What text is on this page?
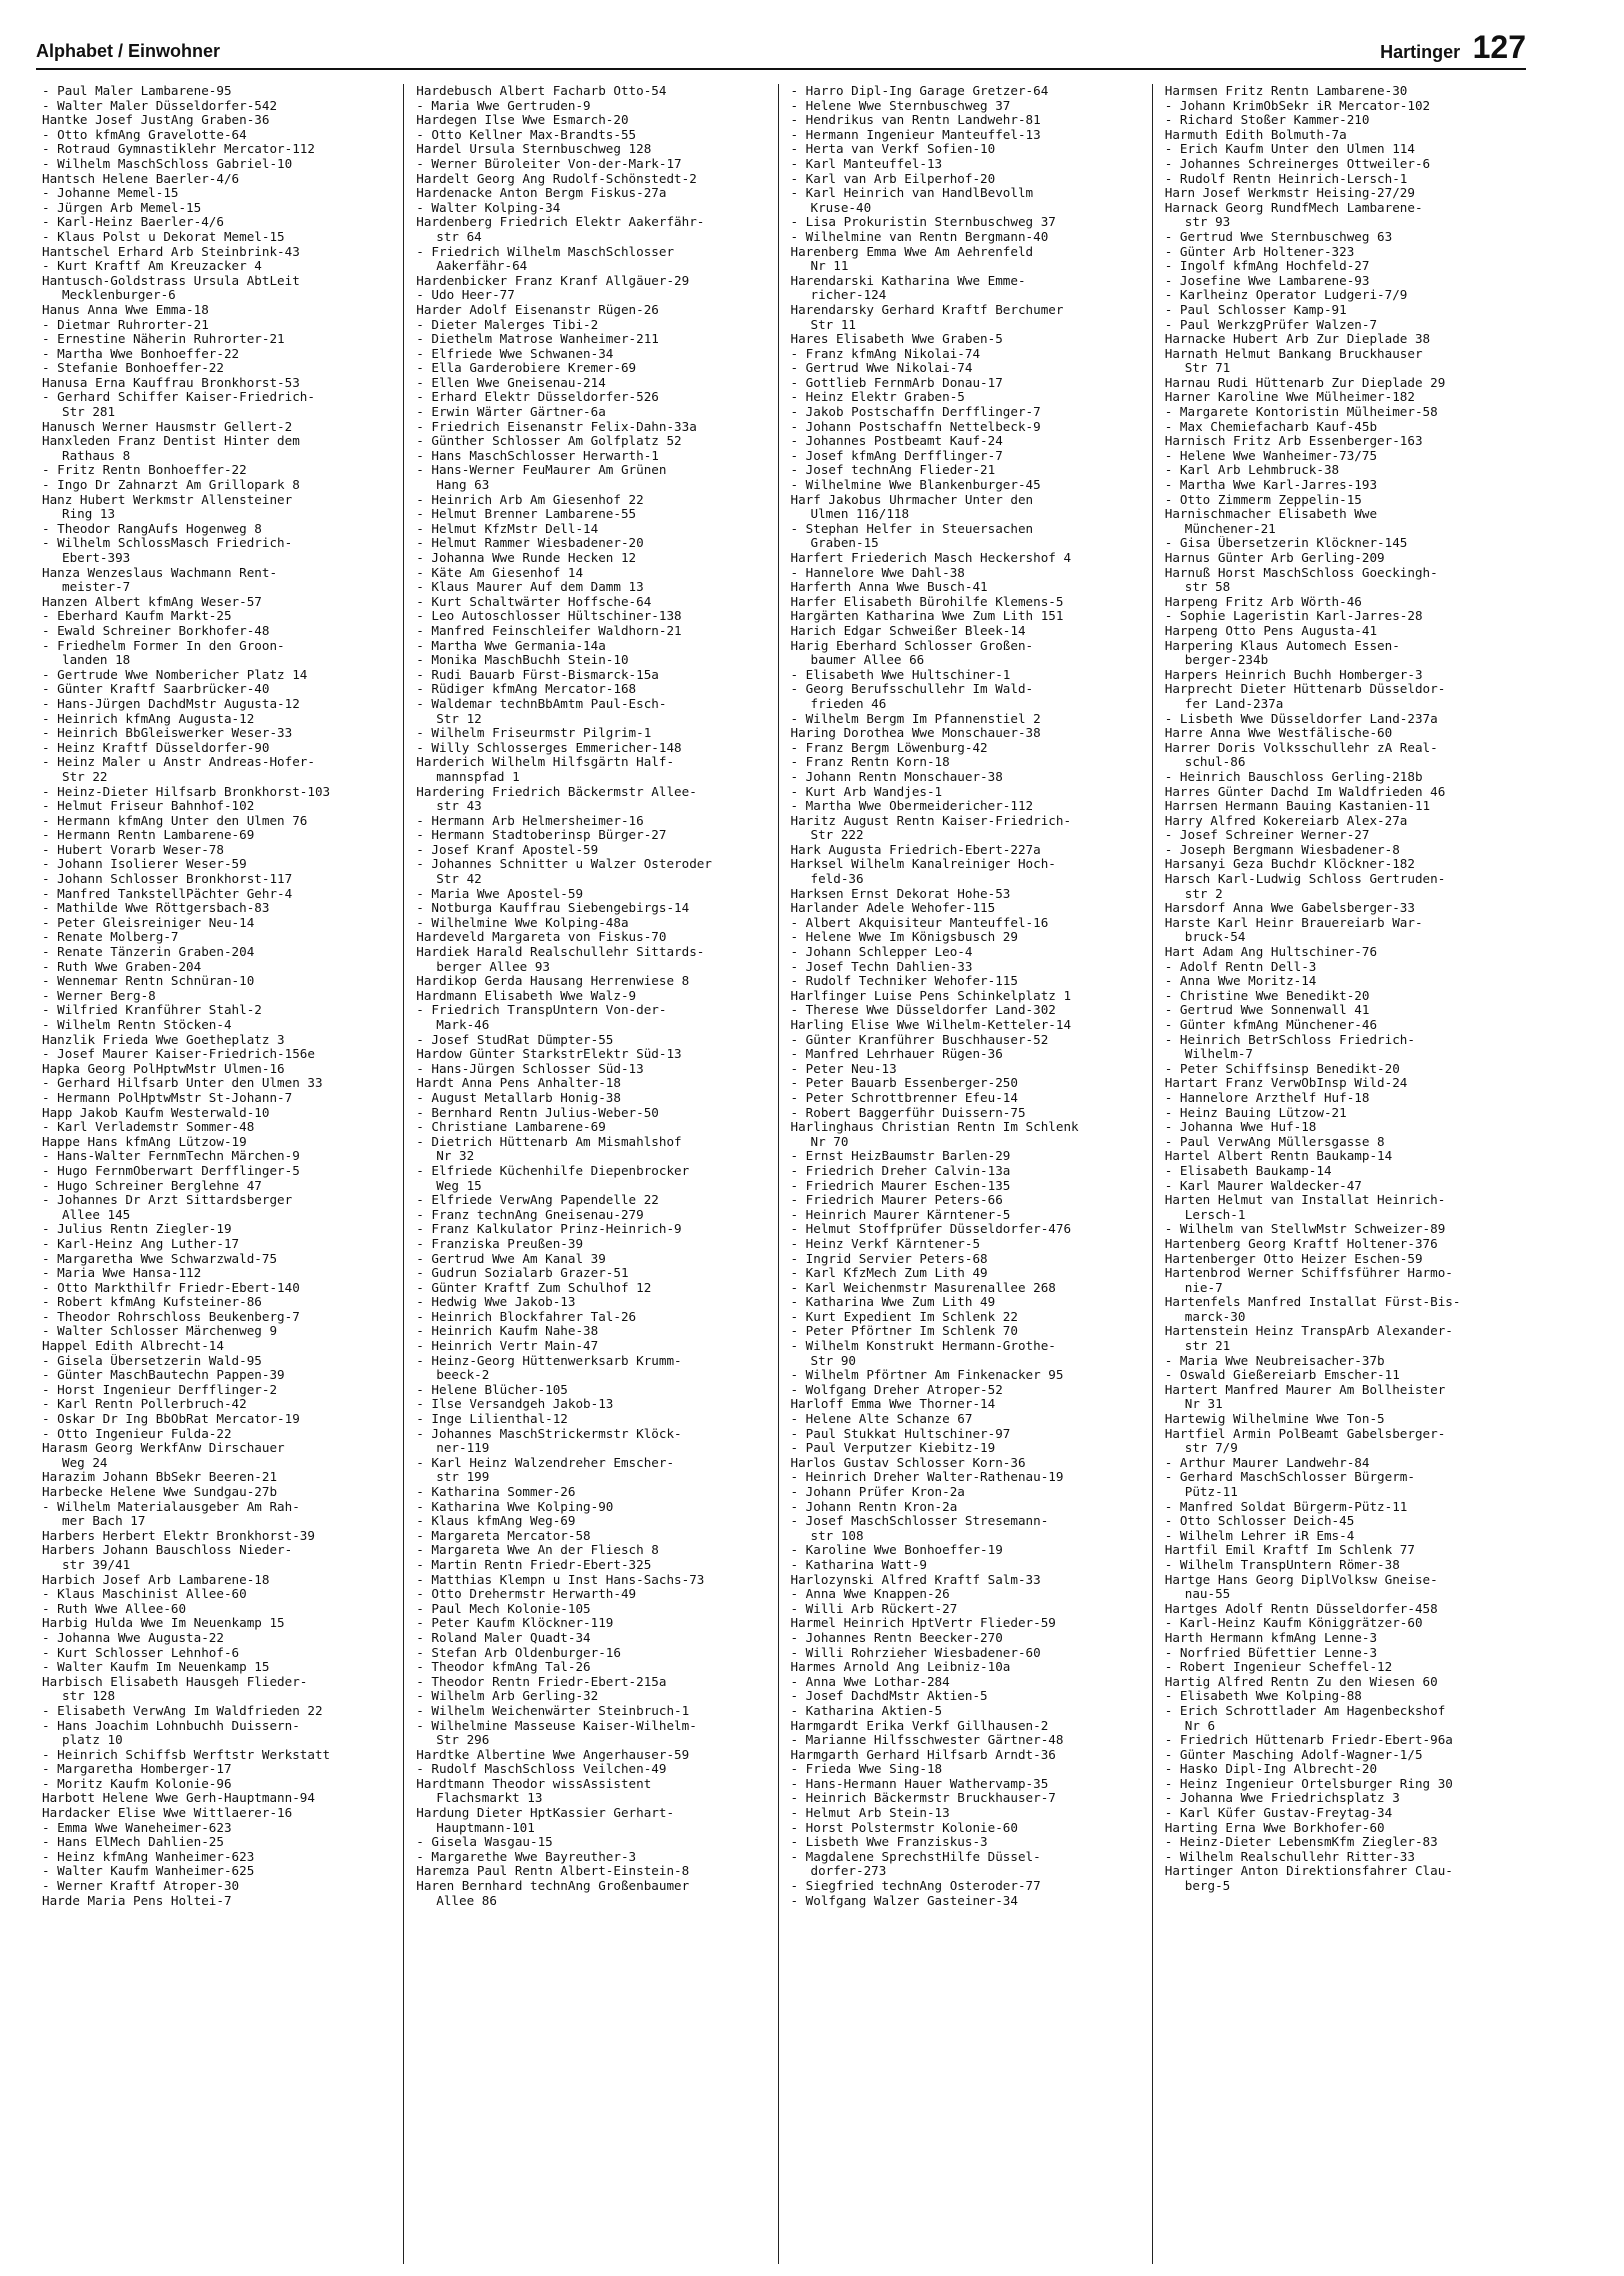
Alphabet / Einwohner	Hartinger 127
- Paul Maler Lambarene-95
- Walter Maler Düsseldorfer-542
Hantke Josef JustAng Graben-36
- Otto kfmAng Gravelotte-64
- Rotraud Gymnastiklehr Mercator-112
- Wilhelm MaschSchloss Gabriel-10
Hantsch Helene Baerler-4/6
- Johanne Memel-15
- Jürgen Arb Memel-15
- Karl-Heinz Baerler-4/6
- Klaus Polst u Dekorat Memel-15
Hantschel Erhard Arb Steinbrink-43
- Kurt Kraftf Am Kreuzacker 4
Hantusch-Goldstrass Ursula AbtLeit
Mecklenburger-6
Hanus Anna Wwe Emma-18
- Dietmar Ruhrorter-21
- Ernestine Näherin Ruhrorter-21
- Martha Wwe Bonhoeffer-22
- Stefanie Bonhoeffer-22
Hanusa Erna Kauffrau Bronkhorst-53
- Gerhard Schiffer Kaiser-Friedrich-
Str 281
Hanusch Werner Hausmstr Gellert-2
Hanxleden Franz Dentist Hinter dem
Rathaus 8
- Fritz Rentn Bonhoeffer-22
- Ingo Dr Zahnarzt Am Grillopark 8
Hanz Hubert Werkmstr Allensteiner
Ring 13
- Theodor RangAufs Hogenweg 8
- Wilhelm SchlossMasch Friedrich-
Ebert-393
Hanza Wenzeslaus Wachmann Rent-
meister-7
Hanzen Albert kfmAng Weser-57
- Eberhard Kaufm Markt-25
- Ewald Schreiner Borkhofer-48
- Friedhelm Former In den Groon-
landen 18
- Gertrude Wwe Nombericher Platz 14
- Günter Kraftf Saarbrücker-40
- Hans-Jürgen DachdMstr Augusta-12
- Heinrich kfmAng Augusta-12
- Heinrich BbGleiswerker Weser-33
- Heinz Kraftf Düsseldorfer-90
- Heinz Maler u Anstr Andreas-Hofer-
Str 22
- Heinz-Dieter Hilfsarb Bronkhorst-103
- Helmut Friseur Bahnhof-102
- Hermann kfmAng Unter den Ulmen 76
- Hermann Rentn Lambarene-69
- Hubert Vorarb Weser-78
- Johann Isolierer Weser-59
- Johann Schlosser Bronkhorst-117
- Manfred TankstellPächter Gehr-4
- Mathilde Wwe Röttgersbach-83
- Peter Gleisreiniger Neu-14
- Renate Molberg-7
- Renate Tänzerin Graben-204
- Ruth Wwe Graben-204
- Wennemar Rentn Schnüran-10
- Werner Berg-8
- Wilfried Kranführer Stahl-2
- Wilhelm Rentn Stöcken-4
Hanzlik Frieda Wwe Goetheplatz 3
- Josef Maurer Kaiser-Friedrich-156e
Hapka Georg PolHptwMstr Ulmen-16
- Gerhard Hilfsarb Unter den Ulmen 33
- Hermann PolHptwMstr St-Johann-7
Happ Jakob Kaufm Westerwald-10
- Karl Verlademstr Sommer-48
Happe Hans kfmAng Lützow-19
- Hans-Walter FernmTechn Märchen-9
- Hugo FernmOberwart Derfflinger-5
- Hugo Schreiner Berglehne 47
- Johannes Dr Arzt Sittardsberger
Allee 145
- Julius Rentn Ziegler-19
- Karl-Heinz Ang Luther-17
- Margaretha Wwe Schwarzwald-75
- Maria Wwe Hansa-112
- Otto Markthilfr Friedr-Ebert-140
- Robert kfmAng Kufsteiner-86
- Theodor Rohrschloss Beukenberg-7
- Walter Schlosser Märchenweg 9
Happel Edith Albrecht-14
- Gisela Übersetzerin Wald-95
- Günter MaschBautechn Pappen-39
- Horst Ingenieur Derfflinger-2
- Karl Rentn Pollerbruch-42
- Oskar Dr Ing BbObRat Mercator-19
- Otto Ingenieur Fulda-22
Harasm Georg WerkfAnw Dirschauer
Weg 24
Harazim Johann BbSekr Beeren-21
Harbecke Helene Wwe Sundgau-27b
- Wilhelm Materialausgeber Am Rah-
mer Bach 17
Harbers Herbert Elektr Bronkhorst-39
Harbers Johann Bauschloss Nieder-
str 39/41
Harbich Josef Arb Lambarene-18
- Klaus Maschinist Allee-60
- Ruth Wwe Allee-60
Harbig Hulda Wwe Im Neuenkamp 15
- Johanna Wwe Augusta-22
- Kurt Schlosser Lehnhof-6
- Walter Kaufm Im Neuenkamp 15
Harbisch Elisabeth Hausgeh Flieder-
str 128
- Elisabeth VerwAng Im Waldfrieden 22
- Hans Joachim Lohnbuchh Duissern-
platz 10
- Heinrich Schiffsb Werftstr Werkstatt
- Margaretha Homberger-17
- Moritz Kaufm Kolonie-96
Harbott Helene Wwe Gerh-Hauptmann-94
Hardacker Elise Wwe Wittlaerer-16
- Emma Wwe Waneheimer-623
- Hans ElMech Dahlien-25
- Heinz kfmAng Wanheimer-623
- Walter Kaufm Wanheimer-625
- Werner Kraftf Atroper-30
Harde Maria Pens Holtei-7
Hardebusch Albert Facharb Otto-54
- Maria Wwe Gertruden-9
Hardegen Ilse Wwe Esmarch-20
- Otto Kellner Max-Brandts-55
Hardel Ursula Sternbuschweg 128
- Werner Büroleiter Von-der-Mark-17
Hardelt Georg Ang Rudolf-Schönstedt-2
Hardenacke Anton Bergm Fiskus-27a
- Walter Kolping-34
Hardenberg Friedrich Elektr Aakerfähr-
str 64
- Friedrich Wilhelm MaschSchlosser
Aakerfähr-64
Hardenbicker Franz Kranf Allgäuer-29
- Udo Heer-77
Harder Adolf Eisenanstr Rügen-26
- Dieter Malerges Tibi-2
- Diethelm Matrose Wanheimer-211
- Elfriede Wwe Schwanen-34
- Ella Garderobiere Kremer-69
- Ellen Wwe Gneisenau-214
- Erhard Elektr Düsseldorfer-526
- Erwin Wärter Gärtner-6a
- Friedrich Eisenanstr Felix-Dahn-33a
- Günther Schlosser Am Golfplatz 52
- Hans MaschSchlosser Herwarth-1
- Hans-Werner FeuMaurer Am Grünen
Hang 63
- Heinrich Arb Am Giesenhof 22
- Helmut Brenner Lambarene-55
- Helmut KfzMstr Dell-14
- Helmut Rammer Wiesbadener-20
- Johanna Wwe Runde Hecken 12
- Käte Am Giesenhof 14
- Klaus Maurer Auf dem Damm 13
- Kurt Schaltwärter Hoffsche-64
- Leo Autoschlosser Hültschiner-138
- Manfred Feinschleifer Waldhorn-21
- Martha Wwe Germania-14a
- Monika MaschBuchh Stein-10
- Rudi Bauarb Fürst-Bismarck-15a
- Rüdiger kfmAng Mercator-168
- Waldemar technBbAmtm Paul-Esch-
Str 12
- Wilhelm Friseurmstr Pilgrim-1
- Willy Schlosserges Emmericher-148
Harderich Wilhelm Hilfsgärtn Half-
mannspfad 1
Hardering Friedrich Bäckermstr Allee-
str 43
- Hermann Arb Helmersheimer-16
- Hermann Stadtoberinsp Bürger-27
- Josef Kranf Apostel-59
- Johannes Schnitter u Walzer Osteroder
Str 42
- Maria Wwe Apostel-59
- Notburga Kauffrau Siebengebirgs-14
- Wilhelmine Wwe Kolping-48a
Hardeveld Margareta von Fiskus-70
Hardiek Harald Realschullehr Sittards-
berger Allee 93
Hardikop Gerda Hausang Herrenwiese 8
Hardmann Elisabeth Wwe Walz-9
- Friedrich TranspUntern Von-der-
Mark-46
- Josef StudRat Dümpter-55
Hardow Günter StarkstrElektr Süd-13
- Hans-Jürgen Schlosser Süd-13
Hardt Anna Pens Anhalter-18
- August Metallarb Honig-38
- Bernhard Rentn Julius-Weber-50
- Christiane Lambarene-69
- Dietrich Hüttenarb Am Mismahlshof
Nr 32
- Elfriede Küchenhilfe Diepenbrocker
Weg 15
- Elfriede VerwAng Papendelle 22
- Franz technAng Gneisenau-279
- Franz Kalkulator Prinz-Heinrich-9
- Franziska Preußen-39
- Gertrud Wwe Am Kanal 39
- Gudrun Sozialarb Grazer-51
- Günter Kraftf Zum Schulhof 12
- Hedwig Wwe Jakob-13
- Heinrich Blockfahrer Tal-26
- Heinrich Kaufm Nahe-38
- Heinrich Vertr Main-47
- Heinz-Georg Hüttenwerksarb Krumm-
beeck-2
- Helene Blücher-105
- Ilse Versandgeh Jakob-13
- Inge Lilienthal-12
- Johannes MaschStrickermstr Klöck-
ner-119
- Karl Heinz Walzendreher Emscher-
str 199
- Katharina Sommer-26
- Katharina Wwe Kolping-90
- Klaus kfmAng Weg-69
- Margareta Mercator-58
- Margareta Wwe An der Fliesch 8
- Martin Rentn Friedr-Ebert-325
- Matthias Klempn u Inst Hans-Sachs-73
- Otto Drehermstr Herwarth-49
- Paul Mech Kolonie-105
- Peter Kaufm Klöckner-119
- Roland Maler Quadt-34
- Stefan Arb Oldenburger-16
- Theodor kfmAng Tal-26
- Theodor Rentn Friedr-Ebert-215a
- Wilhelm Arb Gerling-32
- Wilhelm Weichenwärter Steinbruch-1
- Wilhelmine Masseuse Kaiser-Wilhelm-
Str 296
Hardtke Albertine Wwe Angerhauser-59
- Rudolf MaschSchloss Veilchen-49
Hardtmann Theodor wissAssistent
Flachsmarkt 13
Hardung Dieter HptKassier Gerhart-
Hauptmann-101
- Gisela Wasgau-15
- Margarethe Wwe Bayreuther-3
Haremza Paul Rentn Albert-Einstein-8
Haren Bernhard technAng Großenbaumer
Allee 86
- Harro Dipl-Ing Garage Gretzer-64
- Helene Wwe Sternbuschweg 37
- Hendrikus van Rentn Landwehr-81
- Hermann Ingenieur Manteuffel-13
- Herta van Verkf Sofien-10
- Karl Manteuffel-13
- Karl van Arb Eilperhof-20
- Karl Heinrich van HandlBevollm
Kruse-40
- Lisa Prokuristin Sternbuschweg 37
- Wilhelmine van Rentn Bergmann-40
Harenberg Emma Wwe Am Aehrenfeld
Nr 11
Harendarski Katharina Wwe Emme-
richer-124
Harendarsky Gerhard Kraftf Berchumer
Str 11
Hares Elisabeth Wwe Graben-5
- Franz kfmAng Nikolai-74
- Gertrud Wwe Nikolai-74
- Gottlieb FernmArb Donau-17
- Heinz Elektr Graben-5
- Jakob Postschaffn Derfflinger-7
- Johann Postschaffn Nettelbeck-9
- Johannes Postbeamt Kauf-24
- Josef kfmAng Derfflinger-7
- Josef technAng Flieder-21
- Wilhelmine Wwe Blankenburger-45
Harf Jakobus Uhrmacher Unter den
Ulmen 116/118
- Stephan Helfer in Steuersachen
Graben-15
Harfert Friederich Masch Heckershof 4
- Hannelore Wwe Dahl-38
Harferth Anna Wwe Busch-41
Harfer Elisabeth Bürohilfe Klemens-5
Hargärten Katharina Wwe Zum Lith 151
Harich Edgar Schweißer Bleek-14
Harig Eberhard Schlosser Großen-
baumer Allee 66
- Elisabeth Wwe Hultschiner-1
- Georg Berufsschullehr Im Wald-
frieden 46
- Wilhelm Bergm Im Pfannenstiel 2
Haring Dorothea Wwe Monschauer-38
- Franz Bergm Löwenburg-42
- Franz Rentn Korn-18
- Johann Rentn Monschauer-38
- Kurt Arb Wandjes-1
- Martha Wwe Obermeidericher-112
Haritz August Rentn Kaiser-Friedrich-
Str 222
Hark Augusta Friedrich-Ebert-227a
Harksel Wilhelm Kanalreiniger Hoch-
feld-36
Harksen Ernst Dekorat Hohe-53
Harlander Adele Wehofer-115
- Albert Akquisiteur Manteuffel-16
- Helene Wwe Im Königsbusch 29
- Johann Schlepper Leo-4
- Josef Techn Dahlien-33
- Rudolf Techniker Wehofer-115
Harlfinger Luise Pens Schinkelplatz 1
- Therese Wwe Düsseldorfer Land-302
Harling Elise Wwe Wilhelm-Ketteler-14
- Günter Kranführer Buschhauser-52
- Manfred Lehrhauer Rügen-36
- Peter Neu-13
- Peter Bauarb Essenberger-250
- Peter Schrottbrenner Efeu-14
- Robert Baggerführ Duissern-75
Harlinghaus Christian Rentn Im Schlenk
Nr 70
- Ernst HeizBaumstr Barlen-29
- Friedrich Dreher Calvin-13a
- Friedrich Maurer Eschen-135
- Friedrich Maurer Peters-66
- Heinrich Maurer Kärntener-5
- Helmut Stoffprüfer Düsseldorfer-476
- Heinz Verkf Kärntener-5
- Ingrid Servier Peters-68
- Karl KfzMech Zum Lith 49
- Karl Weichenmstr Masurenallee 268
- Katharina Wwe Zum Lith 49
- Kurt Expedient Im Schlenk 22
- Peter Pförtner Im Schlenk 70
- Wilhelm Konstrukt Hermann-Grothe-
Str 90
- Wilhelm Pförtner Am Finkenacker 95
- Wolfgang Dreher Atroper-52
Harloff Emma Wwe Thorner-14
- Helene Alte Schanze 67
- Paul Stukkat Hultschiner-97
- Paul Verputzer Kiebitz-19
Harlos Gustav Schlosser Korn-36
- Heinrich Dreher Walter-Rathenau-19
- Johann Prüfer Kron-2a
- Johann Rentn Kron-2a
- Josef MaschSchlosser Stresemann-
str 108
- Karoline Wwe Bonhoeffer-19
- Katharina Watt-9
Harlozynski Alfred Kraftf Salm-33
- Anna Wwe Knappen-26
- Willi Arb Rückert-27
Harmel Heinrich HptVertr Flieder-59
- Johannes Rentn Beecker-270
- Willi Rohrzieher Wiesbadener-60
Harmes Arnold Ang Leibniz-10a
- Anna Wwe Lothar-284
- Josef DachdMstr Aktien-5
- Katharina Aktien-5
Harmgardt Erika Verkf Gillhausen-2
- Marianne Hilfsschwester Gärtner-48
Harmgarth Gerhard Hilfsarb Arndt-36
- Frieda Wwe Sing-18
- Hans-Hermann Hauer Wathervamp-35
- Heinrich Bäckermstr Bruckhauser-7
- Helmut Arb Stein-13
- Horst Polstermstr Kolonie-60
- Lisbeth Wwe Franziskus-3
- Magdalene SprechstHilfe Düssel-
dorfer-273
- Siegfried technAng Osteroder-77
- Wolfgang Walzer Gasteiner-34
Harmsen Fritz Rentn Lambarene-30
- Johann KrimObSekr iR Mercator-102
- Richard Stoßer Kammer-210
Harmuth Edith Bolmuth-7a
- Erich Kaufm Unter den Ulmen 114
- Johannes Schreinerges Ottweiler-6
- Rudolf Rentn Heinrich-Lersch-1
Harn Josef Werkmstr Heising-27/29
Harnack Georg RundfMech Lambarene-
str 93
- Gertrud Wwe Sternbuschweg 63
- Günter Arb Holtener-323
- Ingolf kfmAng Hochfeld-27
- Josefine Wwe Lambarene-93
- Karlheinz Operator Ludgeri-7/9
- Paul Schlosser Kamp-91
- Paul WerkzgPrüfer Walzen-7
Harnacke Hubert Arb Zur Dieplade 38
Harnath Helmut Bankang Bruckhauser
Str 71
Harnau Rudi Hüttenarb Zur Dieplade 29
Harner Karoline Wwe Mülheimer-182
- Margarete Kontoristin Mülheimer-58
- Max Chemiefacharb Kauf-45b
Harnisch Fritz Arb Essenberger-163
- Helene Wwe Wanheimer-73/75
- Karl Arb Lehmbruck-38
- Martha Wwe Karl-Jarres-193
- Otto Zimmerm Zeppelin-15
Harnischmacher Elisabeth Wwe
Münchener-21
- Gisa Übersetzerin Klöckner-145
Harnus Günter Arb Gerling-209
Harnuß Horst MaschSchloss Goeckingh-
str 58
Harpeng Fritz Arb Wörth-46
- Sophie Lageristin Karl-Jarres-28
Harpeng Otto Pens Augusta-41
Harpering Klaus Automech Essen-
berger-234b
Harpers Heinrich Buchh Homberger-3
Harprecht Dieter Hüttenarb Düsseldor-
fer Land-237a
- Lisbeth Wwe Düsseldorfer Land-237a
Harre Anna Wwe Westfälische-60
Harrer Doris Volksschullehr zA Real-
schul-86
- Heinrich Bauschloss Gerling-218b
Harres Günter Dachd Im Waldfrieden 46
Harrsen Hermann Bauing Kastanien-11
Harry Alfred Kokereiarb Alex-27a
- Josef Schreiner Werner-27
- Joseph Bergmann Wiesbadener-8
Harsanyi Geza Buchdr Klöckner-182
Harsch Karl-Ludwig Schloss Gertruden-
str 2
Harsdorf Anna Wwe Gabelsberger-33
Harste Karl Heinr Brauereiarb War-
bruck-54
Hart Adam Ang Hultschiner-76
- Adolf Rentn Dell-3
- Anna Wwe Moritz-14
- Christine Wwe Benedikt-20
- Gertrud Wwe Sonnenwall 41
- Günter kfmAng Münchener-46
- Heinrich BetrSchloss Friedrich-
Wilhelm-7
- Peter Schiffsinsp Benedikt-20
Hartart Franz VerwObInsp Wild-24
- Hannelore Arzthelf Huf-18
- Heinz Bauing Lützow-21
- Johanna Wwe Huf-18
- Paul VerwAng Müllersgasse 8
Hartel Albert Rentn Baukamp-14
- Elisabeth Baukamp-14
- Karl Maurer Waldecker-47
Harten Helmut van Installat Heinrich-
Lersch-1
- Wilhelm van StellwMstr Schweizer-89
Hartenberg Georg Kraftf Holtener-376
Hartenberger Otto Heizer Eschen-59
Hartenbrod Werner Schiffsführer Harmo-
nie-7
Hartenfels Manfred Installat Fürst-Bis-
marck-30
Hartenstein Heinz TranspArb Alexander-
str 21
- Maria Wwe Neubreisacher-37b
- Oswald Gießereiarb Emscher-11
Hartert Manfred Maurer Am Bollheister
Nr 31
Hartewig Wilhelmine Wwe Ton-5
Hartfiel Armin PolBeamt Gabelsberger-
str 7/9
- Arthur Maurer Landwehr-84
- Gerhard MaschSchlosser Bürgerm-
Pütz-11
- Manfred Soldat Bürgerm-Pütz-11
- Otto Schlosser Deich-45
- Wilhelm Lehrer iR Ems-4
Hartfil Emil Kraftf Im Schlenk 77
- Wilhelm TranspUntern Römer-38
Hartge Hans Georg DiplVolksw Gneise-
nau-55
Hartges Adolf Rentn Düsseldorfer-458
- Karl-Heinz Kaufm Königgrätzer-60
Harth Hermann kfmAng Lenne-3
- Norfried Büfettier Lenne-3
- Robert Ingenieur Scheffel-12
Hartig Alfred Rentn Zu den Wiesen 60
- Elisabeth Wwe Kolping-88
- Erich Schrottlader Am Hagenbeckshof
Nr 6
- Friedrich Hüttenarb Friedr-Ebert-96a
- Günter Masching Adolf-Wagner-1/5
- Hasko Dipl-Ing Albrecht-20
- Heinz Ingenieur Ortelsburger Ring 30
- Johanna Wwe Friedrichsplatz 3
- Karl Küfer Gustav-Freytag-34
Harting Erna Wwe Borkhofer-60
- Heinz-Dieter LebensmKfm Ziegler-83
- Wilhelm Realschullehr Ritter-33
Hartinger Anton Direktionsfahrer Clau-
berg-5
